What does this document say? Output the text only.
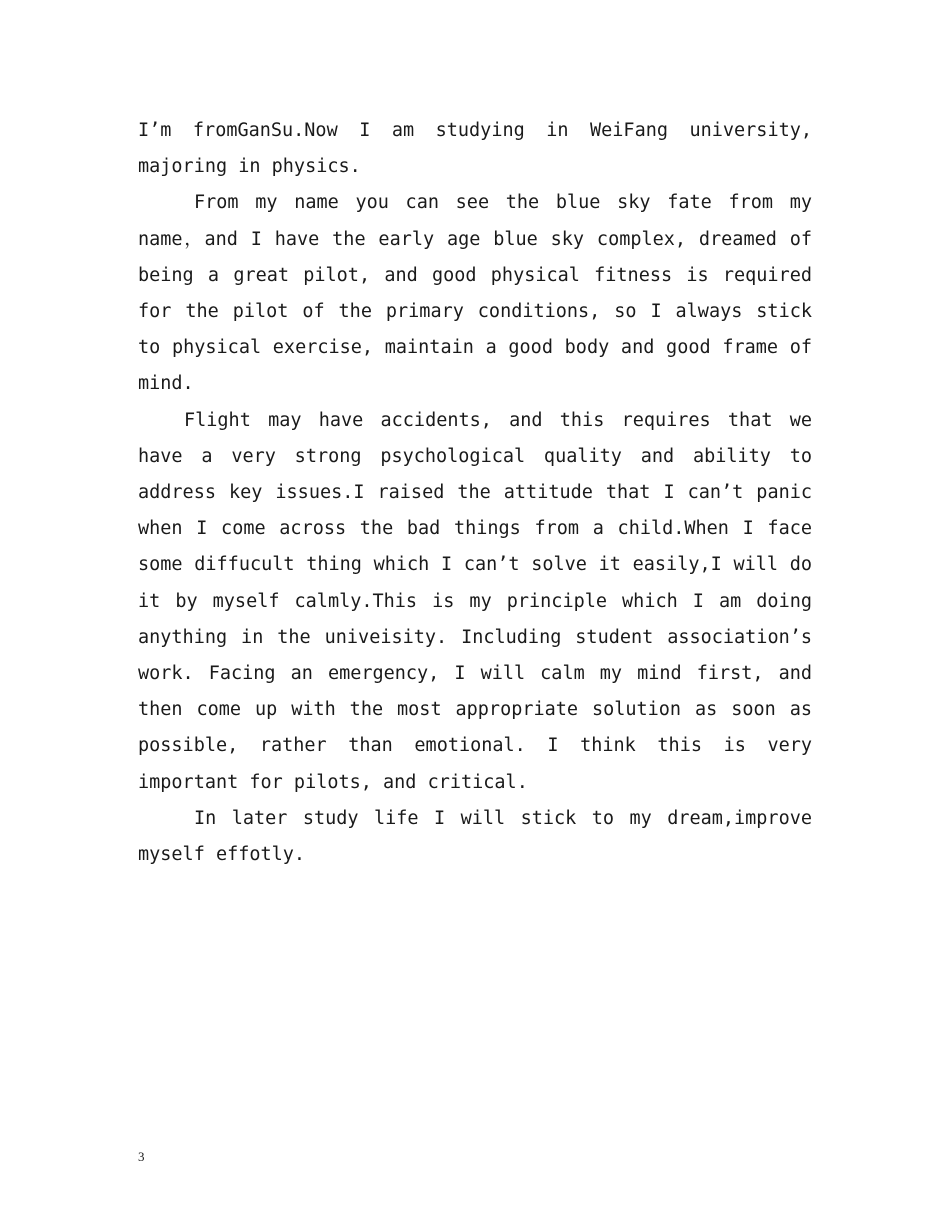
I’m fromGanSu.Now I am studying in WeiFang university, majoring in physics.

From my name you can see the blue sky fate from my name，and I have the early age blue sky complex, dreamed of being a great pilot, and good physical fitness is required for the pilot of the primary conditions, so I always stick to physical exercise, maintain a good body and good frame of mind.

Flight may have accidents, and this requires that we have a very strong psychological quality and ability to address key issues.I raised the attitude that I can’t panic when I come across the bad things from a child.When I face some diffucult thing which I can’t solve it easily,I will do it by myself calmly.This is my principle which I am doing anything in the univeisity. Including student association’s work. Facing an emergency, I will calm my mind first, and then come up with the most appropriate solution as soon as possible, rather than emotional. I think this is very important for pilots, and critical.

In later study life I will stick to my dream,improve myself effotly.

3
